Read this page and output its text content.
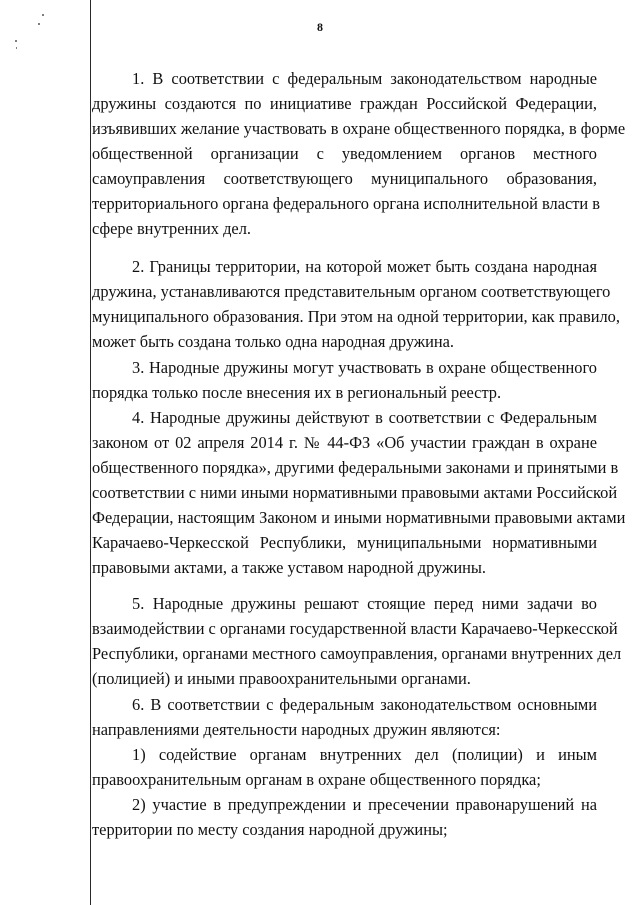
8
1. В соответствии с федеральным законодательством народные
дружины создаются по инициативе граждан Российской Федерации,
изъявивших желание участвовать в охране общественного порядка, в форме
общественной организации с уведомлением органов местного
самоуправления соответствующего муниципального образования,
территориального органа федерального органа исполнительной власти в
сфере внутренних дел.
2. Границы территории, на которой может быть создана народная
дружина, устанавливаются представительным органом соответствующего
муниципального образования. При этом на одной территории, как правило,
может быть создана только одна народная дружина.
3. Народные дружины могут участвовать в охране общественного
порядка только после внесения их в региональный реестр.
4. Народные дружины действуют в соответствии с Федеральным
законом от 02 апреля 2014 г. № 44-ФЗ «Об участии граждан в охране
общественного порядка», другими федеральными законами и принятыми в
соответствии с ними иными нормативными правовыми актами Российской
Федерации, настоящим Законом и иными нормативными правовыми актами
Карачаево-Черкесской Республики, муниципальными нормативными
правовыми актами, а также уставом народной дружины.
5. Народные дружины решают стоящие перед ними задачи во
взаимодействии с органами государственной власти Карачаево-Черкесской
Республики, органами местного самоуправления, органами внутренних дел
(полицией) и иными правоохранительными органами.
6. В соответствии с федеральным законодательством основными
направлениями деятельности народных дружин являются:
1) содействие органам внутренних дел (полиции) и иным
правоохранительным органам в охране общественного порядка;
2) участие в предупреждении и пресечении правонарушений на
территории по месту создания народной дружины;
